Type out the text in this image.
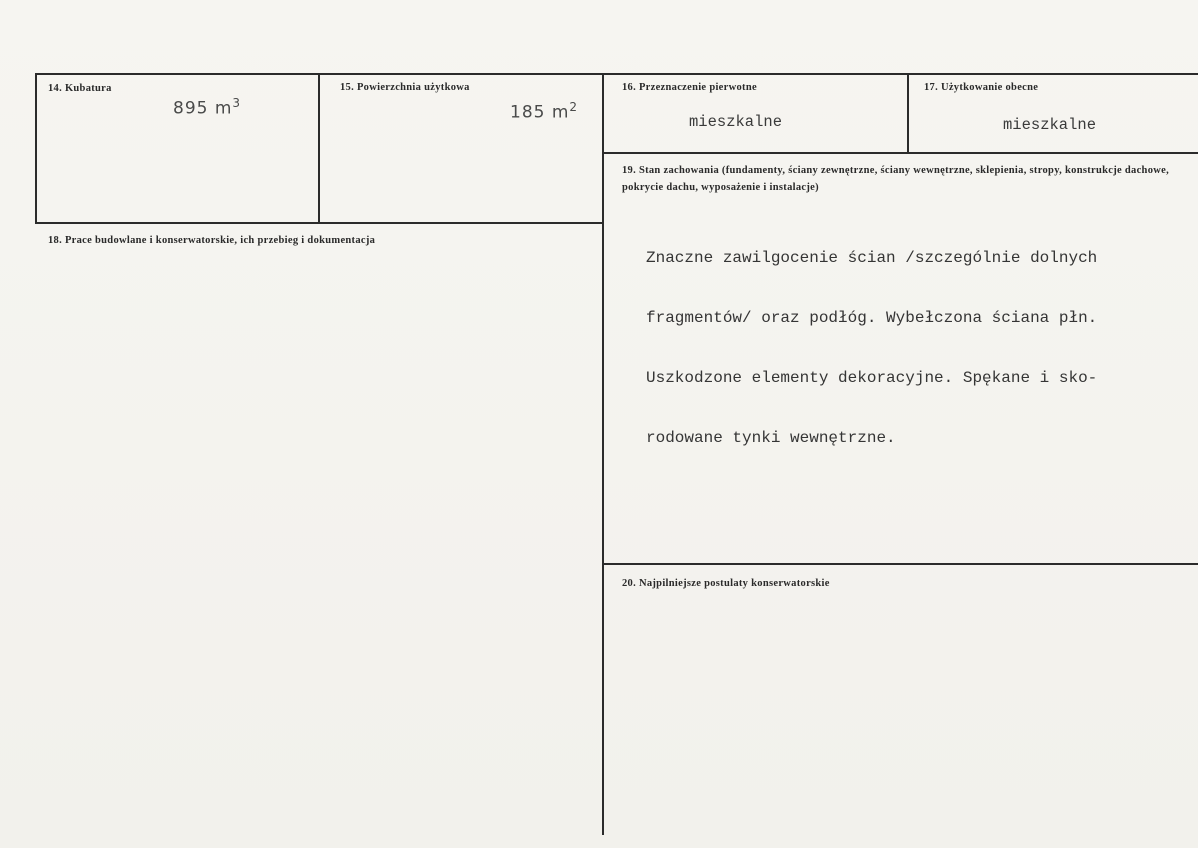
14. Kubatura
895 $m^3$
15. Powierzchnia użytkowa
185 $m^2$
16. Przeznaczenie pierwotne
mieszkalne
17. Użytkowanie obecne
mieszkalne
18. Prace budowlane i konserwatorskie, ich przebieg i dokumentacja
19. Stan zachowania (fundamenty, ściany zewnętrzne, ściany wewnętrzne, sklepienia, stropy, konstrukcje dachowe, pokrycie dachu, wyposażenie i instalacje)

Znaczne zawilgocenie ścian /szczególnie dolnych

fragmentów/ oraz podłóg. Wybełczona ściana płn.

Uszkodzone elementy dekoracyjne. Spękane i sko-

rodowane tynki wewnętrzne.

20. Najpilniejsze postulaty konserwatorskie
